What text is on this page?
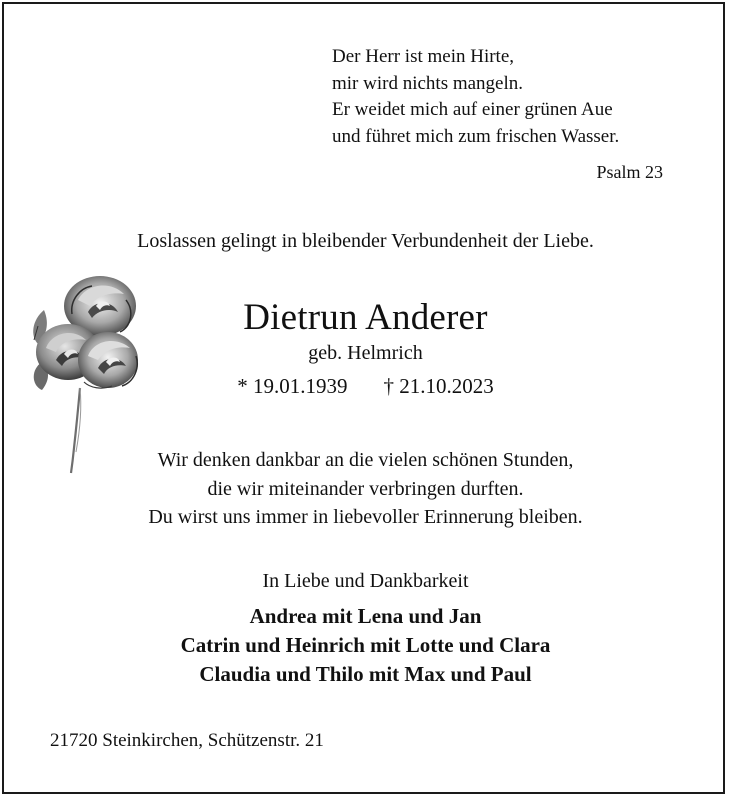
Der Herr ist mein Hirte,
mir wird nichts mangeln.
Er weidet mich auf einer grünen Aue
und führet mich zum frischen Wasser.
Psalm 23
Loslassen gelingt in bleibender Verbundenheit der Liebe.
Dietrun Anderer
geb. Helmrich
* 19.01.1939 † 21.10.2023
Wir denken dankbar an die vielen schönen Stunden,
die wir miteinander verbringen durften.
Du wirst uns immer in liebevoller Erinnerung bleiben.
In Liebe und Dankbarkeit
Andrea mit Lena und Jan
Catrin und Heinrich mit Lotte und Clara
Claudia und Thilo mit Max und Paul
21720 Steinkirchen, Schützenstr. 21
